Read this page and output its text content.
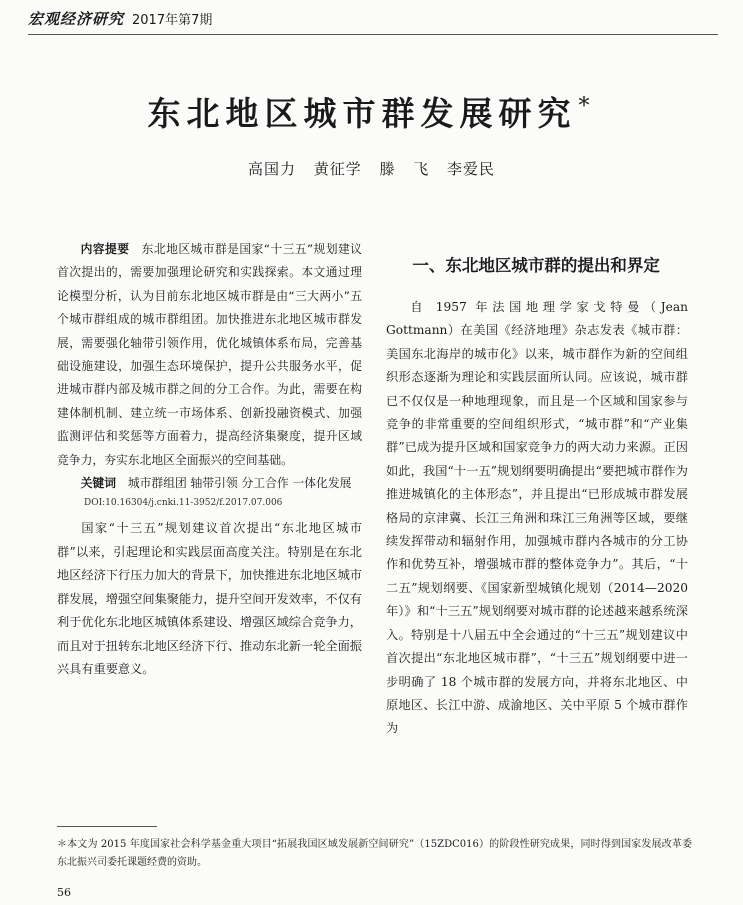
宏观经济研究 2017年第7期
东北地区城市群发展研究*
高国力 黄征学 滕 飞 李爱民

内容提要　 东北地区城市群是国家“十三五”规划建议首次提出的，需要加强理论研究和实践探索。本文通过理论模型分析，认为目前东北地区城市群是由“三大两小”五个城市群组成的城市群组团。加快推进东北地区城市群发展，需要强化轴带引领作用，优化城镇体系布局，完善基础设施建设，加强生态环境保护，提升公共服务水平，促进城市群内部及城市群之间的分工合作。为此，需要在构建体制机制、建立统一市场体系、创新投融资模式、加强监测评估和奖惩等方面着力，提高经济集聚度，提升区域竞争力，夯实东北地区全面振兴的空间基础。

关键词　 城市群组团 轴带引领 分工合作 一体化发展

DOI:10.16304/j.cnki.11-3952/f.2017.07.006

国家“十三五”规划建议首次提出“东北地区城市群”以来，引起理论和实践层面高度关注。特别是在东北地区经济下行压力加大的背景下，加快推进东北地区城市群发展，增强空间集聚能力，提升空间开发效率，不仅有利于优化东北地区城镇体系建设、增强区域综合竞争力，而且对于扭转东北地区经济下行、推动东北新一轮全面振兴具有重要意义。

一、东北地区城市群的提出和界定

自 1957 年法国地理学家戈特曼（Jean Gottmann）在美国《经济地理》杂志发表《城市群：美国东北海岸的城市化》以来，城市群作为新的空间组织形态逐渐为理论和实践层面所认同。应该说，城市群已不仅仅是一种地理现象，而且是一个区域和国家参与竞争的非常重要的空间组织形式，“城市群”和“产业集群”已成为提升区域和国家竞争力的两大动力来源。正因如此，我国“十一五”规划纲要明确提出“要把城市群作为推进城镇化的主体形态”，并且提出“已形成城市群发展格局的京津冀、长江三角洲和珠江三角洲等区域，要继续发挥带动和辐射作用，加强城市群内各城市的分工协作和优势互补，增强城市群的整体竞争力”。其后，“十二五”规划纲要、《国家新型城镇化规划（2014—2020年）》和“十三五”规划纲要对城市群的论述越来越系统深入。特别是十八届五中全会通过的“十三五”规划建议中首次提出“东北地区城市群”，“十三五”规划纲要中进一步明确了 18 个城市群的发展方向，并将东北地区、中原地区、长江中游、成渝地区、关中平原 5 个城市群作为

＊本文为 2015 年度国家社会科学基金重大项目“拓展我国区域发展新空间研究”（15ZDC016）的阶段性研究成果，同时得到国家发展改革委东北振兴司委托课题经费的资助。
56
